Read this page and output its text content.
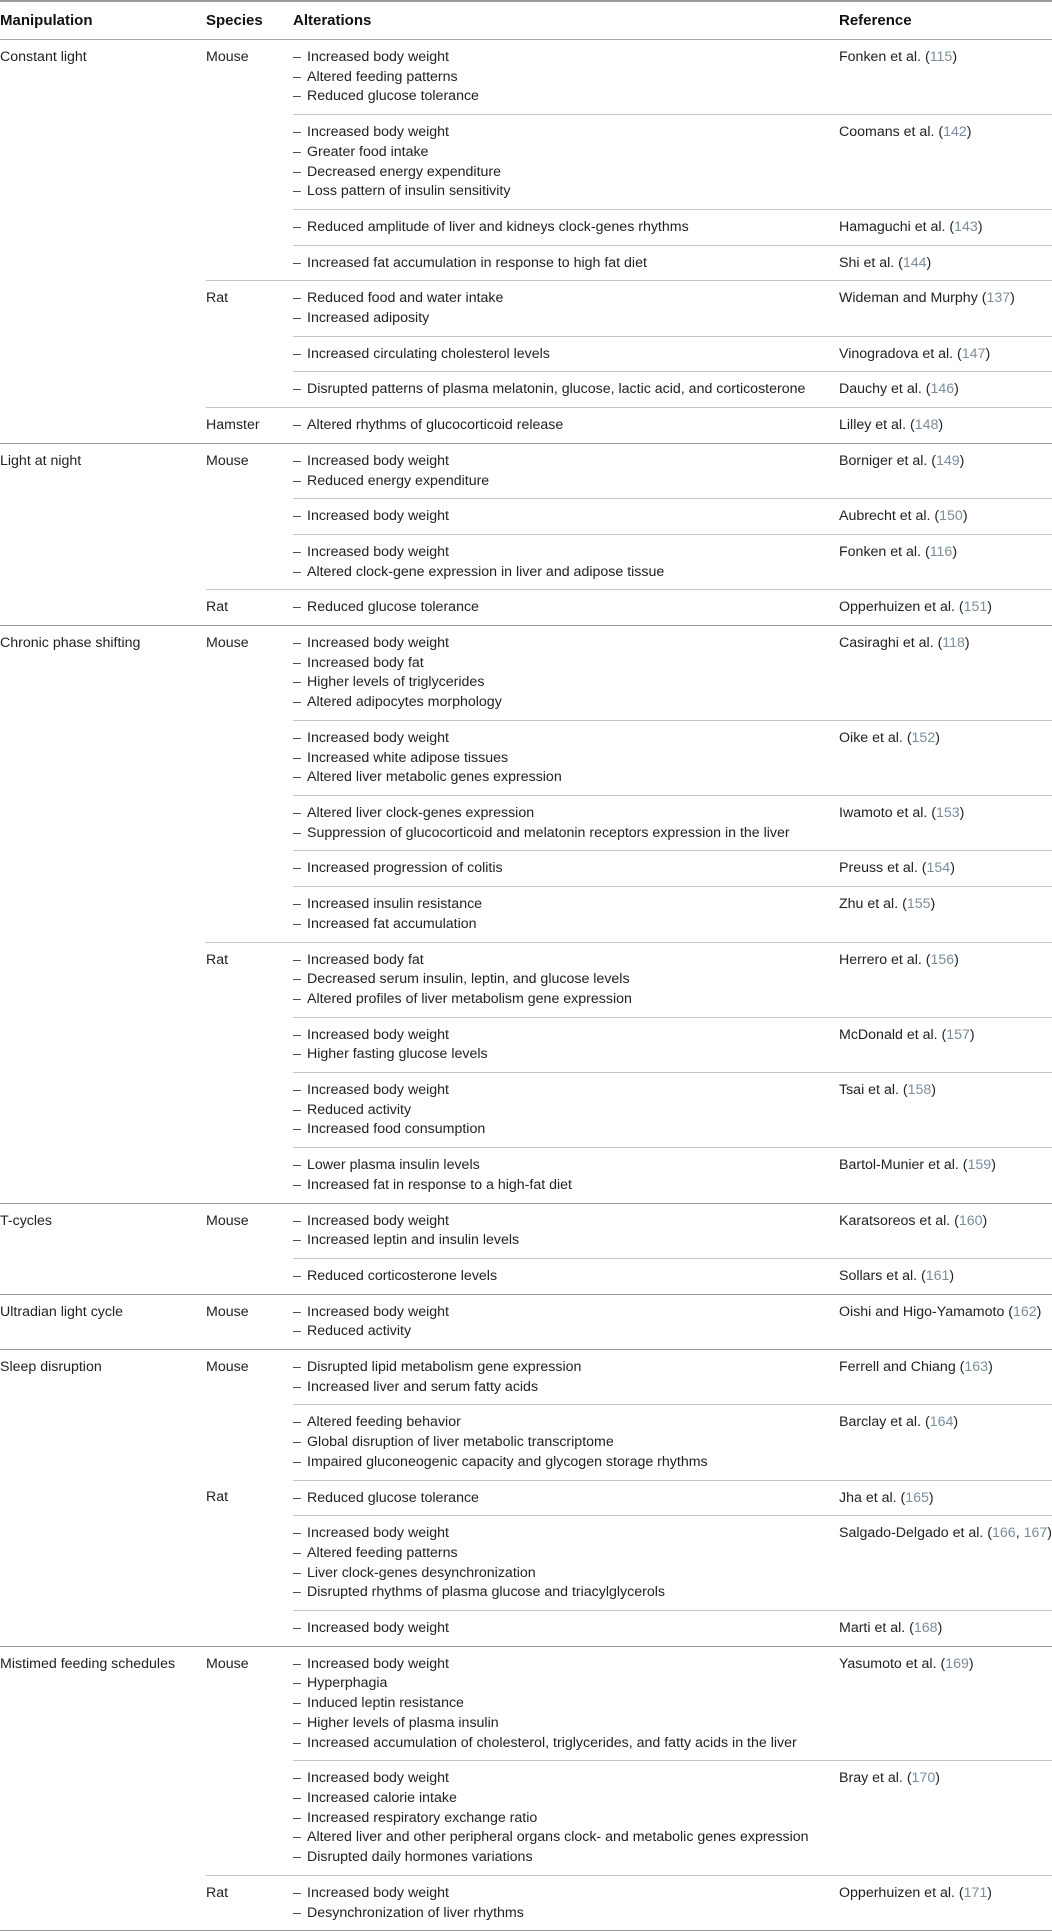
Manipulation	Species	Alterations	Reference
Constant light	Mouse	– Increased body weight
– Altered feeding patterns
– Reduced glucose tolerance	Fonken et al. (115)

		– Increased body weight
– Greater food intake
– Decreased energy expenditure
– Loss pattern of insulin sensitivity	Coomans et al. (142)

		– Reduced amplitude of liver and kidneys clock-genes rhythms	Hamaguchi et al. (143)

		– Increased fat accumulation in response to high fat diet	Shi et al. (144)
	Rat	– Reduced food and water intake
– Increased adiposity	Wideman and Murphy (137)

		– Increased circulating cholesterol levels	Vinogradova et al. (147)

		– Disrupted patterns of plasma melatonin, glucose, lactic acid, and corticosterone	Dauchy et al. (146)
	Hamster	– Altered rhythms of glucocorticoid release	Lilley et al. (148)
Light at night	Mouse	– Increased body weight
– Reduced energy expenditure	Borniger et al. (149)

		– Increased body weight	Aubrecht et al. (150)

		– Increased body weight
– Altered clock-gene expression in liver and adipose tissue	Fonken et al. (116)
	Rat	– Reduced glucose tolerance	Opperhuizen et al. (151)
Chronic phase shifting	Mouse	– Increased body weight
– Increased body fat
– Higher levels of triglycerides
– Altered adipocytes morphology	Casiraghi et al. (118)

		– Increased body weight
– Increased white adipose tissues
– Altered liver metabolic genes expression	Oike et al. (152)

		– Altered liver clock-genes expression
– Suppression of glucocorticoid and melatonin receptors expression in the liver	Iwamoto et al. (153)

		– Increased progression of colitis	Preuss et al. (154)

		– Increased insulin resistance
– Increased fat accumulation	Zhu et al. (155)
	Rat	– Increased body fat
– Decreased serum insulin, leptin, and glucose levels
– Altered profiles of liver metabolism gene expression	Herrero et al. (156)

		– Increased body weight
– Higher fasting glucose levels	McDonald et al. (157)

		– Increased body weight
– Reduced activity
– Increased food consumption	Tsai et al. (158)

		– Lower plasma insulin levels
– Increased fat in response to a high-fat diet	Bartol-Munier et al. (159)
T-cycles	Mouse	– Increased body weight
– Increased leptin and insulin levels	Karatsoreos et al. (160)

		– Reduced corticosterone levels	Sollars et al. (161)
Ultradian light cycle	Mouse	– Increased body weight
– Reduced activity	Oishi and Higo-Yamamoto (162)
Sleep disruption	Mouse	– Disrupted lipid metabolism gene expression
– Increased liver and serum fatty acids	Ferrell and Chiang (163)

		– Altered feeding behavior
– Global disruption of liver metabolic transcriptome
– Impaired gluconeogenic capacity and glycogen storage rhythms	Barclay et al. (164)
	Rat	– Reduced glucose tolerance	Jha et al. (165)

		– Increased body weight
– Altered feeding patterns
– Liver clock-genes desynchronization
– Disrupted rhythms of plasma glucose and triacylglycerols	Salgado-Delgado et al. (166, 167)

		– Increased body weight	Marti et al. (168)
Mistimed feeding schedules	Mouse	– Increased body weight
– Hyperphagia
– Induced leptin resistance
– Higher levels of plasma insulin
– Increased accumulation of cholesterol, triglycerides, and fatty acids in the liver	Yasumoto et al. (169)

		– Increased body weight
– Increased calorie intake
– Increased respiratory exchange ratio
– Altered liver and other peripheral organs clock- and metabolic genes expression
– Disrupted daily hormones variations	Bray et al. (170)
	Rat	– Increased body weight
– Desynchronization of liver rhythms	Opperhuizen et al. (171)
